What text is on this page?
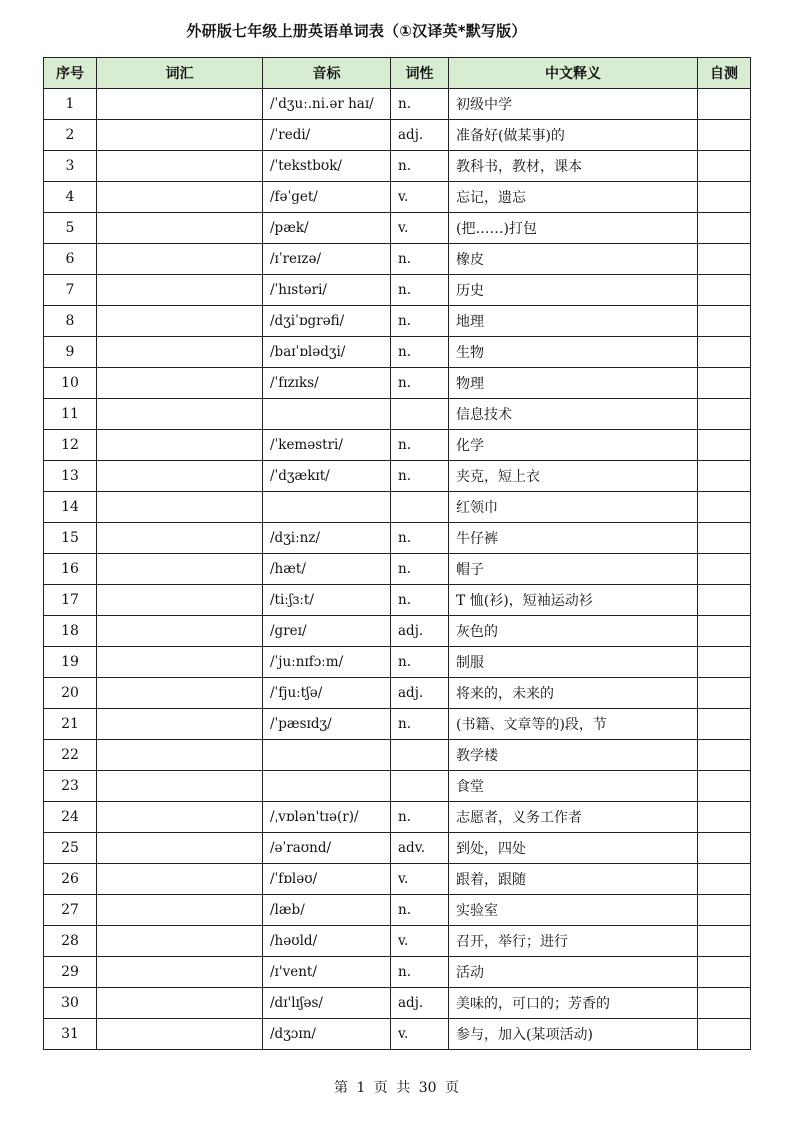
外研版七年级上册英语单词表（①汉译英*默写版）
序号	词汇	音标	词性	中文释义	自测
1		/ˈdʒuː.ni.ər haɪ/	n.	初级中学	
2		/ˈredi/	adj.	准备好(做某事)的	
3		/ˈtekstbʊk/	n.	教科书，教材，课本	
4		/fəˈget/	v.	忘记，遗忘	
5		/pæk/	v.	(把……)打包	
6		/ɪˈreɪzə/	n.	橡皮	
7		/ˈhɪstəri/	n.	历史	
8		/dʒiˈɒgrəfi/	n.	地理	
9		/baɪˈɒlədʒi/	n.	生物	
10		/ˈfɪzɪks/	n.	物理	
11				信息技术	
12		/ˈkeməstri/	n.	化学	
13		/ˈdʒækɪt/	n.	夹克，短上衣	
14				红领巾	
15		/dʒiːnz/	n.	牛仔裤	
16		/hæt/	n.	帽子	
17		/tiːʃɜːt/	n.	T 恤(衫)，短袖运动衫	
18		/greɪ/	adj.	灰色的	
19		/ˈjuːnɪfɔːm/	n.	制服	
20		/ˈfjuːtʃə/	adj.	将来的，未来的	
21		/ˈpæsɪdʒ/	n.	(书籍、文章等的)段，节	
22				教学楼	
23				食堂	
24		/ˌvɒlən'tɪə(r)/	n.	志愿者，义务工作者	
25		/əˈraʊnd/	adv.	到处，四处	
26		/ˈfɒləʊ/	v.	跟着，跟随	
27		/læb/	n.	实验室	
28		/həʊld/	v.	召开，举行；进行	
29		/ɪ'vent/	n.	活动	
30		/dɪ'lɪʃəs/	adj.	美味的，可口的；芳香的	
31		/dʒɔɪn/	v.	参与，加入(某项活动)	
第 1 页 共 30 页
